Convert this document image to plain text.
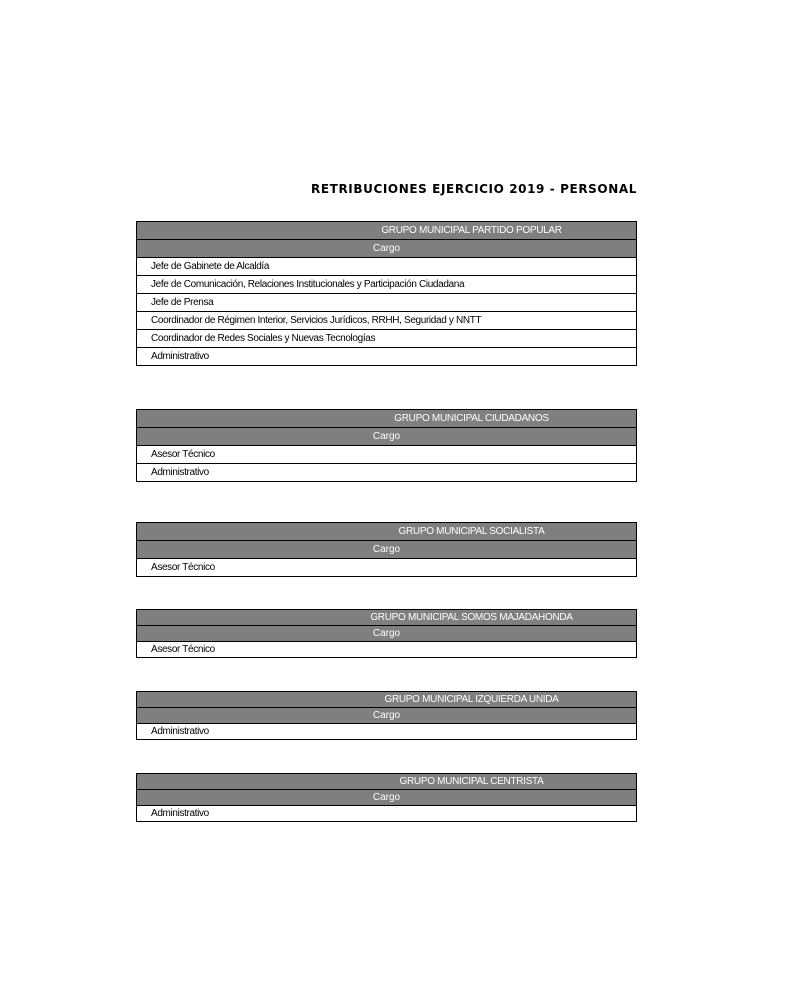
RETRIBUCIONES EJERCICIO 2019 - PERSONAL
GRUPO MUNICIPAL PARTIDO POPULAR
Cargo
Jefe de Gabinete de Alcaldía
Jefe de Comunicación, Relaciones Institucionales y Participación Ciudadana
Jefe de Prensa
Coordinador de Régimen Interior, Servicios Jurídicos, RRHH, Seguridad y NNTT
Coordinador de Redes Sociales y Nuevas Tecnologías
Administrativo
GRUPO MUNICIPAL CIUDADANOS
Cargo
Asesor Técnico
Administrativo
GRUPO MUNICIPAL SOCIALISTA
Cargo
Asesor Técnico
GRUPO MUNICIPAL SOMOS MAJADAHONDA
Cargo
Asesor Técnico
GRUPO MUNICIPAL IZQUIERDA UNIDA
Cargo
Administrativo
GRUPO MUNICIPAL CENTRISTA
Cargo
Administrativo
